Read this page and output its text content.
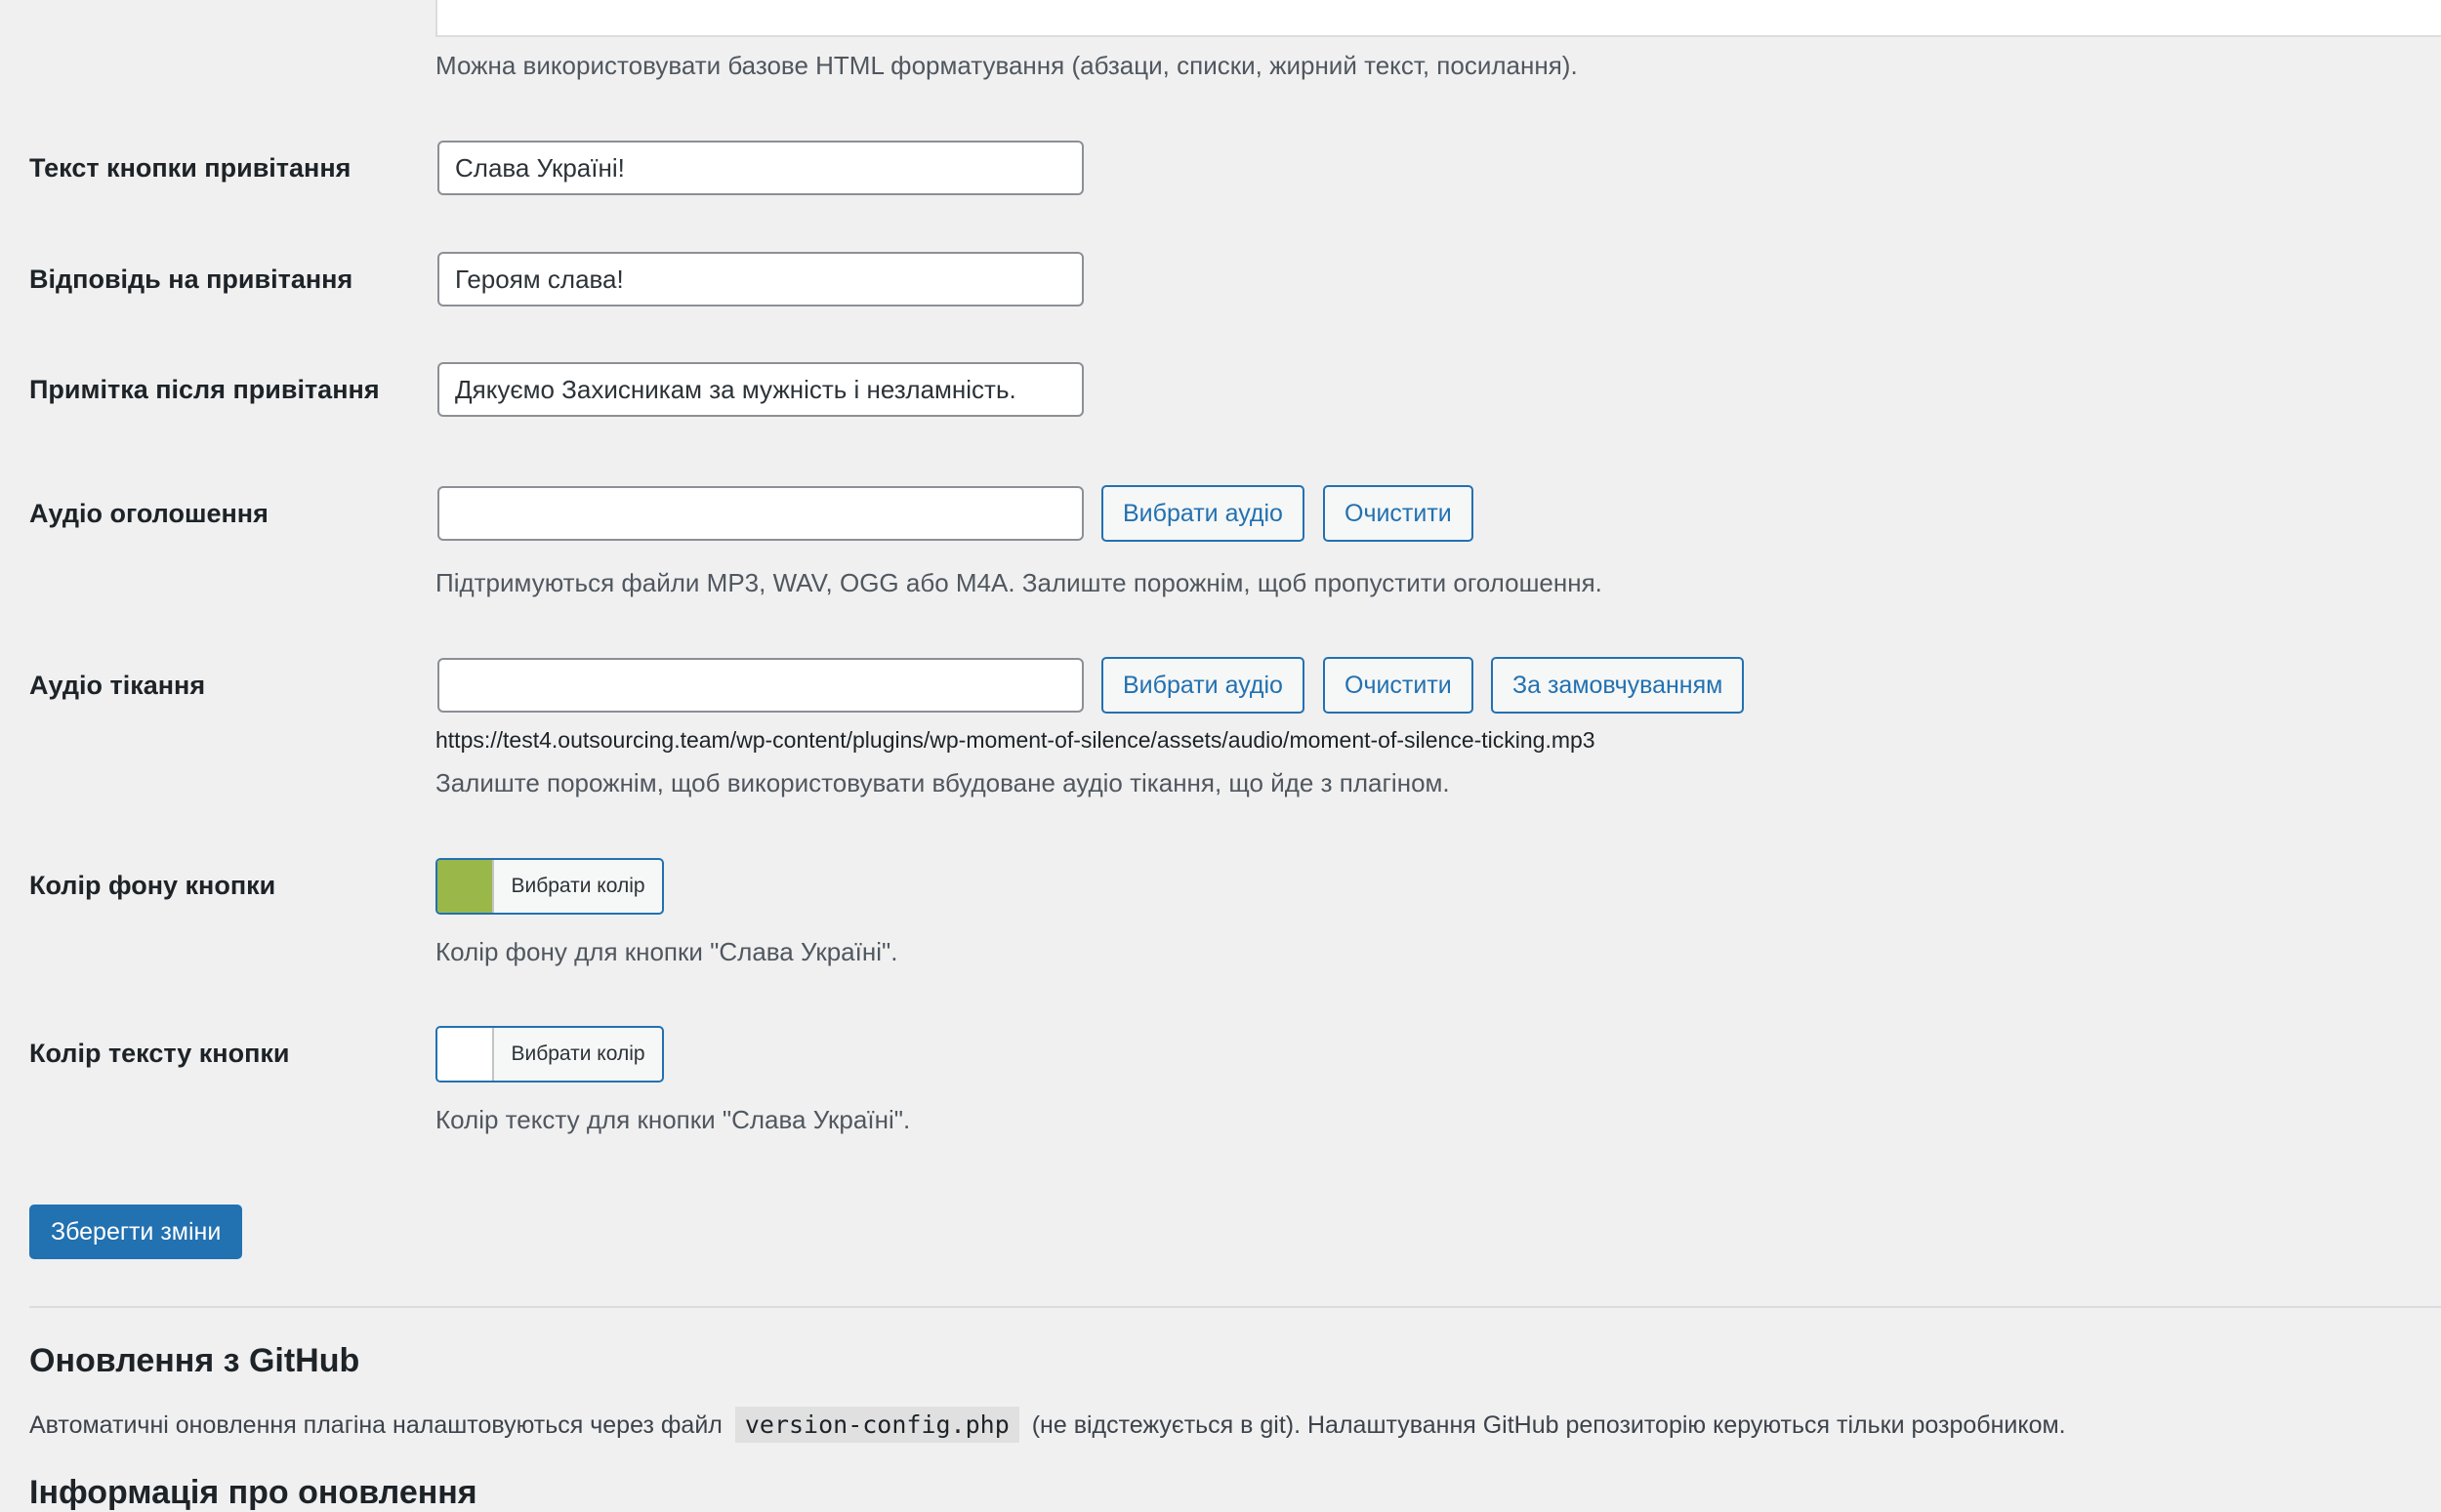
Можна використовувати базове HTML форматування (абзаци, списки, жирний текст, посилання).
Текст кнопки привітання	Слава Україні!
Відповідь на привітання	Героям слава!
Примітка після привітання	Дякуємо Захисникам за мужність і незламність.
Аудіо оголошення	Вибрати аудіо	Очистити
Підтримуються файли MP3, WAV, OGG або M4A. Залиште порожнім, щоб пропустити оголошення.
Аудіо тікання	Вибрати аудіо	Очистити	За замовчуванням
https://test4.outsourcing.team/wp-content/plugins/wp-moment-of-silence/assets/audio/moment-of-silence-ticking.mp3
Залиште порожнім, щоб використовувати вбудоване аудіо тікання, що йде з плагіном.
Колір фону кнопки	Вибрати колір
Колір фону для кнопки "Слава Україні".
Колір тексту кнопки	Вибрати колір
Колір тексту для кнопки "Слава Україні".
Зберегти зміни
Оновлення з GitHub
Автоматичні оновлення плагіна налаштовуються через файл version-config.php (не відстежується в git). Налаштування GitHub репозиторію керуються тільки розробником.
Інформація про оновлення
